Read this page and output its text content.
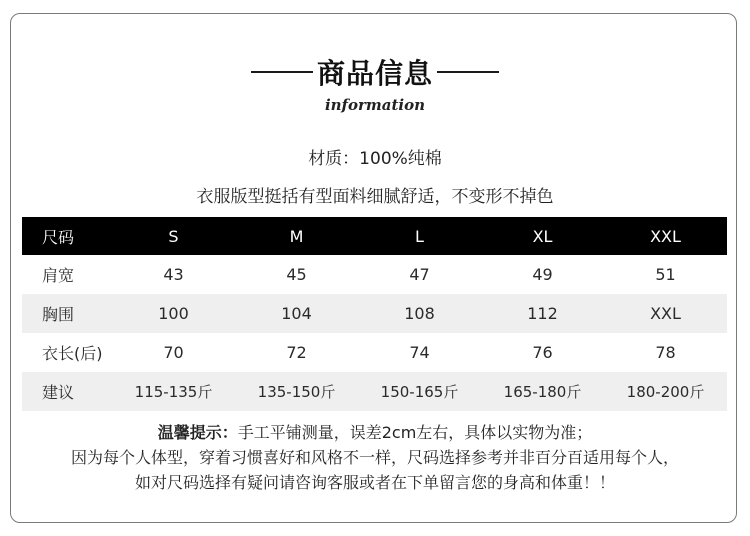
商品信息
information
材质：100%纯棉
衣服版型挺括有型面料细腻舒适，不变形不掉色
尺码	S	M	L	XL	XXL
肩宽	43	45	47	49	51
胸围	100	104	108	112	XXL
衣长(后)	70	72	74	76	78
建议	115-135斤	135-150斤	150-165斤	165-180斤	180-200斤
温馨提示：手工平铺测量，误差2cm左右，具体以实物为准；
因为每个人体型，穿着习惯喜好和风格不一样，尺码选择参考并非百分百适用每个人，
如对尺码选择有疑问请咨询客服或者在下单留言您的身高和体重！！
